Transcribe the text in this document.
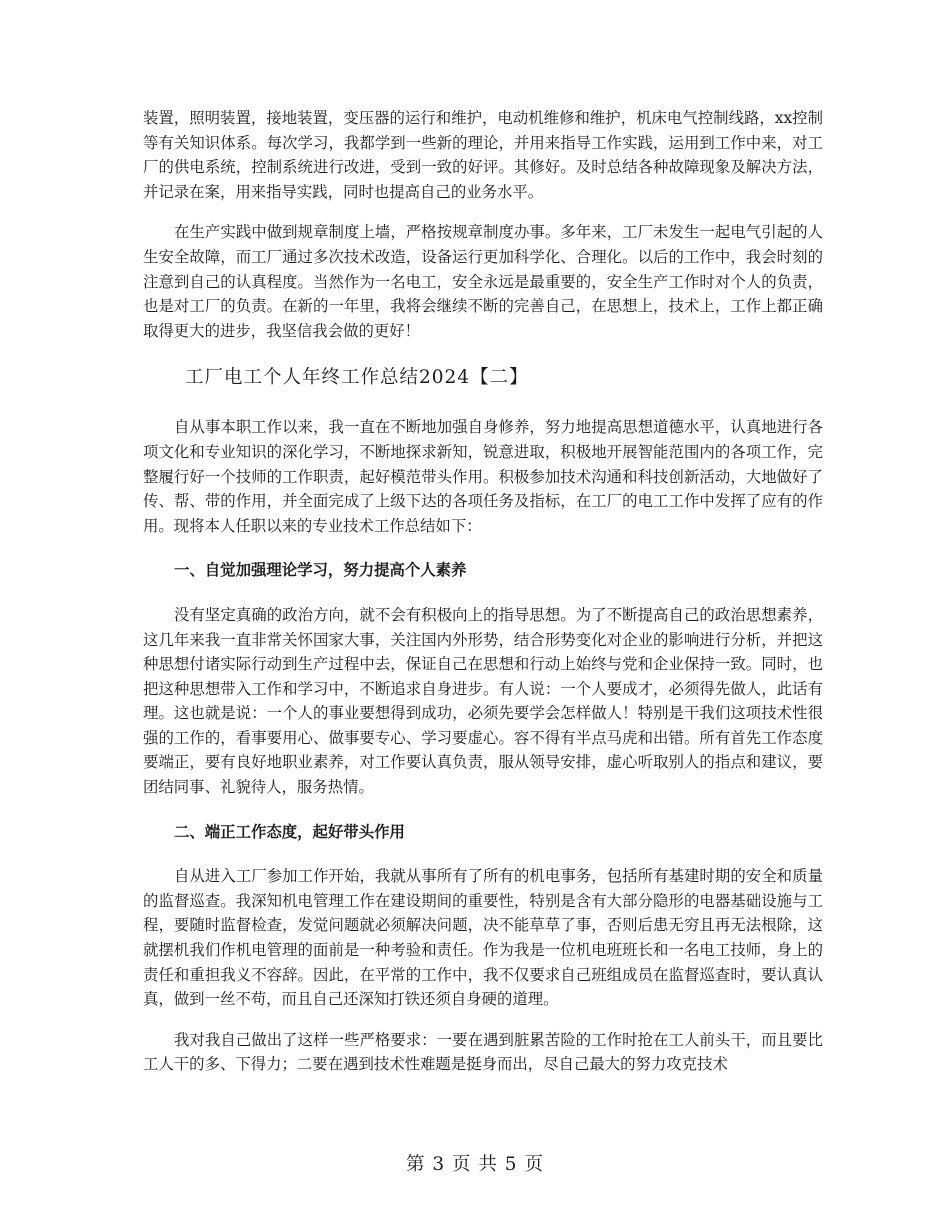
装置，照明装置，接地装置，变压器的运行和维护，电动机维修和维护，机床电气控制线路，xx控制等有关知识体系。每次学习，我都学到一些新的理论，并用来指导工作实践，运用到工作中来，对工厂的供电系统，控制系统进行改进，受到一致的好评。其修好。及时总结各种故障现象及解决方法，并记录在案，用来指导实践，同时也提高自己的业务水平。

在生产实践中做到规章制度上墙，严格按规章制度办事。多年来，工厂未发生一起电气引起的人生安全故障，而工厂通过多次技术改造，设备运行更加科学化、合理化。以后的工作中，我会时刻的注意到自己的认真程度。当然作为一名电工，安全永远是最重要的，安全生产工作时对个人的负责，也是对工厂的负责。在新的一年里，我将会继续不断的完善自己，在思想上，技术上，工作上都正确取得更大的进步，我坚信我会做的更好！

工厂电工个人年终工作总结2024【二】

自从事本职工作以来，我一直在不断地加强自身修养，努力地提高思想道德水平，认真地进行各项文化和专业知识的深化学习，不断地探求新知，锐意进取，积极地开展智能范围内的各项工作，完整履行好一个技师的工作职责，起好模范带头作用。积极参加技术沟通和科技创新活动，大地做好了传、帮、带的作用，并全面完成了上级下达的各项任务及指标，在工厂的电工工作中发挥了应有的作用。现将本人任职以来的专业技术工作总结如下：

一、自觉加强理论学习，努力提高个人素养

没有坚定真确的政治方向，就不会有积极向上的指导思想。为了不断提高自己的政治思想素养，这几年来我一直非常关怀国家大事，关注国内外形势，结合形势变化对企业的影响进行分析，并把这种思想付诸实际行动到生产过程中去，保证自己在思想和行动上始终与党和企业保持一致。同时，也把这种思想带入工作和学习中，不断追求自身进步。有人说：一个人要成才，必须得先做人，此话有理。这也就是说：一个人的事业要想得到成功，必须先要学会怎样做人！特别是干我们这项技术性很强的工作的，看事要用心、做事要专心、学习要虚心。容不得有半点马虎和出错。所有首先工作态度要端正，要有良好地职业素养，对工作要认真负责，服从领导安排，虚心听取别人的指点和建议，要团结同事、礼貌待人，服务热情。

二、端正工作态度，起好带头作用

自从进入工厂参加工作开始，我就从事所有了所有的机电事务，包括所有基建时期的安全和质量的监督巡查。我深知机电管理工作在建设期间的重要性，特别是含有大部分隐形的电器基础设施与工程，要随时监督检查，发觉问题就必须解决问题，决不能草草了事，否则后患无穷且再无法根除，这就摆机我们作机电管理的面前是一种考验和责任。作为我是一位机电班班长和一名电工技师，身上的责任和重担我义不容辞。因此，在平常的工作中，我不仅要求自己班组成员在监督巡查时，要认真认真，做到一丝不苟，而且自己还深知打铁还须自身硬的道理。

我对我自己做出了这样一些严格要求：一要在遇到脏累苦险的工作时抢在工人前头干，而且要比工人干的多、下得力；二要在遇到技术性难题是挺身而出，尽自己最大的努力攻克技术

第 3 页 共 5 页
